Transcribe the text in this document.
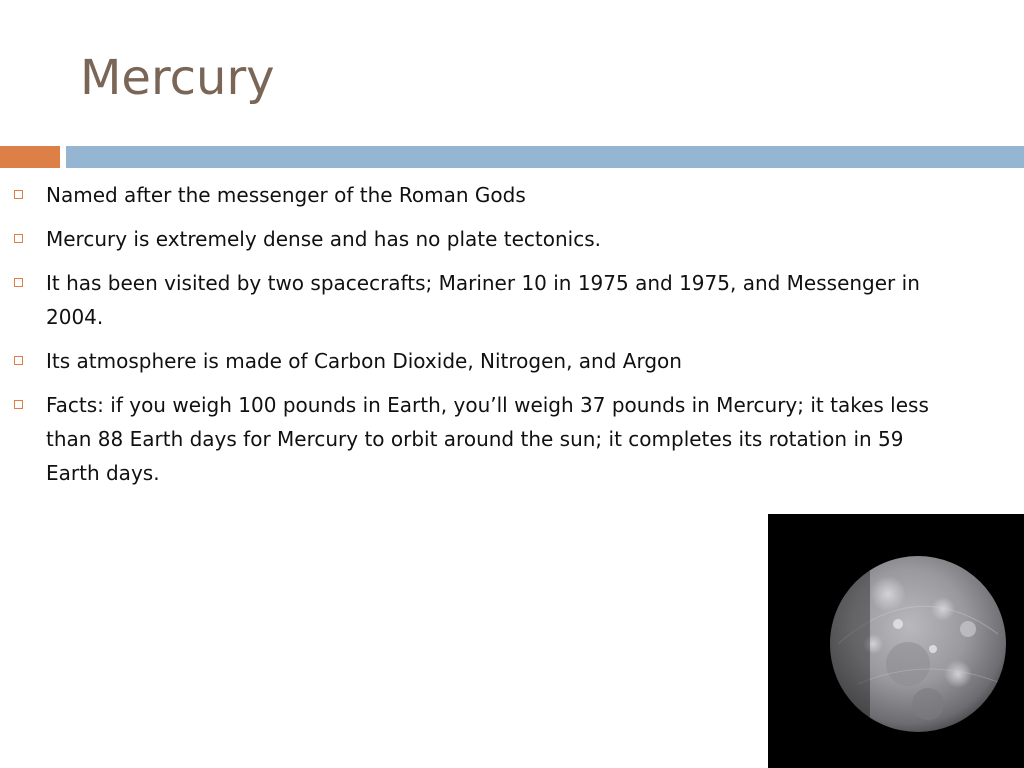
Mercury
Named after the messenger of the Roman Gods
Mercury is extremely dense and has no plate tectonics.
It has been visited by two spacecrafts; Mariner 10 in 1975 and 1975, and Messenger in 2004.
Its atmosphere is made of Carbon Dioxide, Nitrogen, and Argon
Facts: if you weigh 100 pounds in Earth, you’ll weigh 37 pounds in Mercury; it takes less than 88 Earth days for Mercury to orbit around the sun; it completes its rotation in 59 Earth days.
